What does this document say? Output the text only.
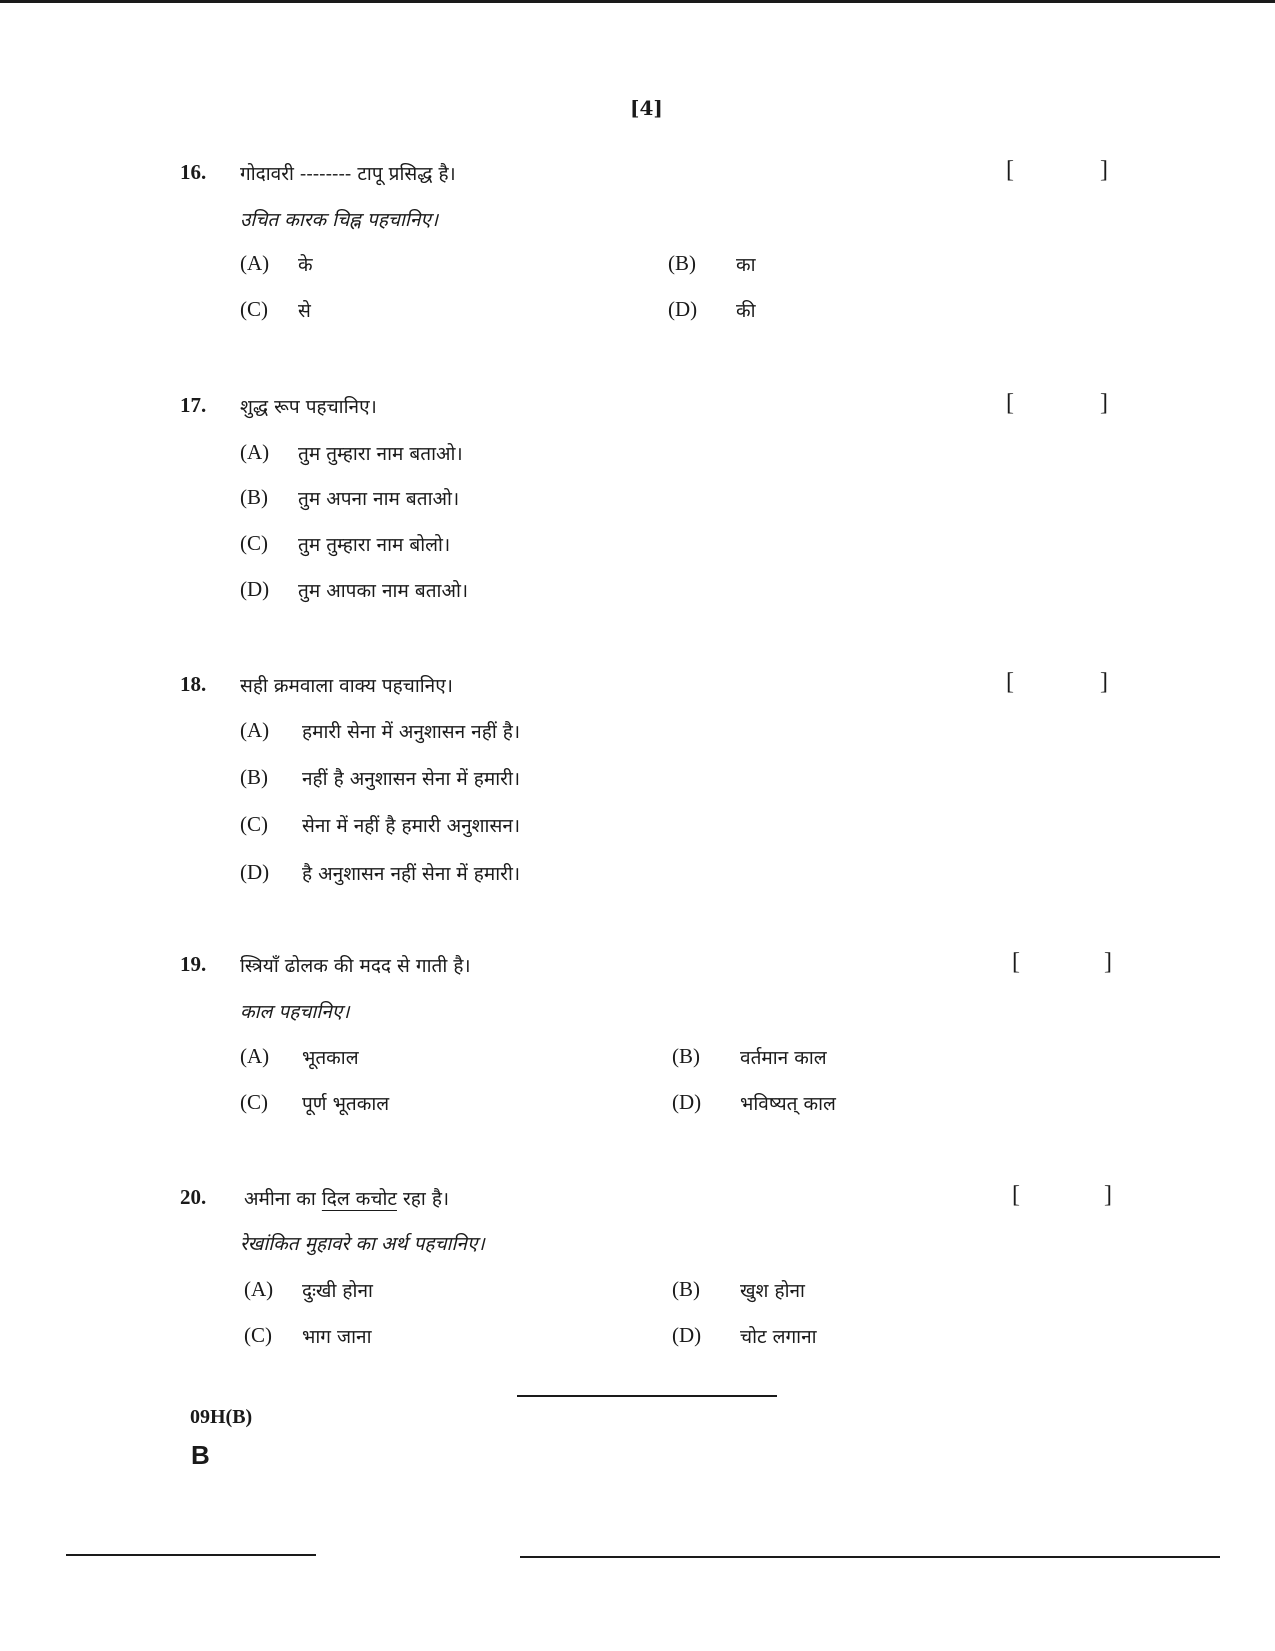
[4]
16. गोदावरी -------- टापू प्रसिद्ध है।	[	]
उचित कारक चिह्न पहचानिए।
(A) के	(B) का
(C) से	(D) की
17. शुद्ध रूप पहचानिए।	[	]
(A) तुम तुम्हारा नाम बताओ।
(B) तुम अपना नाम बताओ।
(C) तुम तुम्हारा नाम बोलो।
(D) तुम आपका नाम बताओ।
18. सही क्रमवाला वाक्य पहचानिए।	[	]
(A) हमारी सेना में अनुशासन नहीं है।
(B) नहीं है अनुशासन सेना में हमारी।
(C) सेना में नहीं है हमारी अनुशासन।
(D) है अनुशासन नहीं सेना में हमारी।
19. स्त्रियाँ ढोलक की मदद से गाती है।	[	]
काल पहचानिए।
(A) भूतकाल	(B) वर्तमान काल
(C) पूर्ण भूतकाल	(D) भविष्यत् काल
20. अमीना का दिल कचोट रहा है।	[	]
रेखांकित मुहावरे का अर्थ पहचानिए।
(A) दुःखी होना	(B) खुश होना
(C) भाग जाना	(D) चोट लगाना
09H(B)
B
